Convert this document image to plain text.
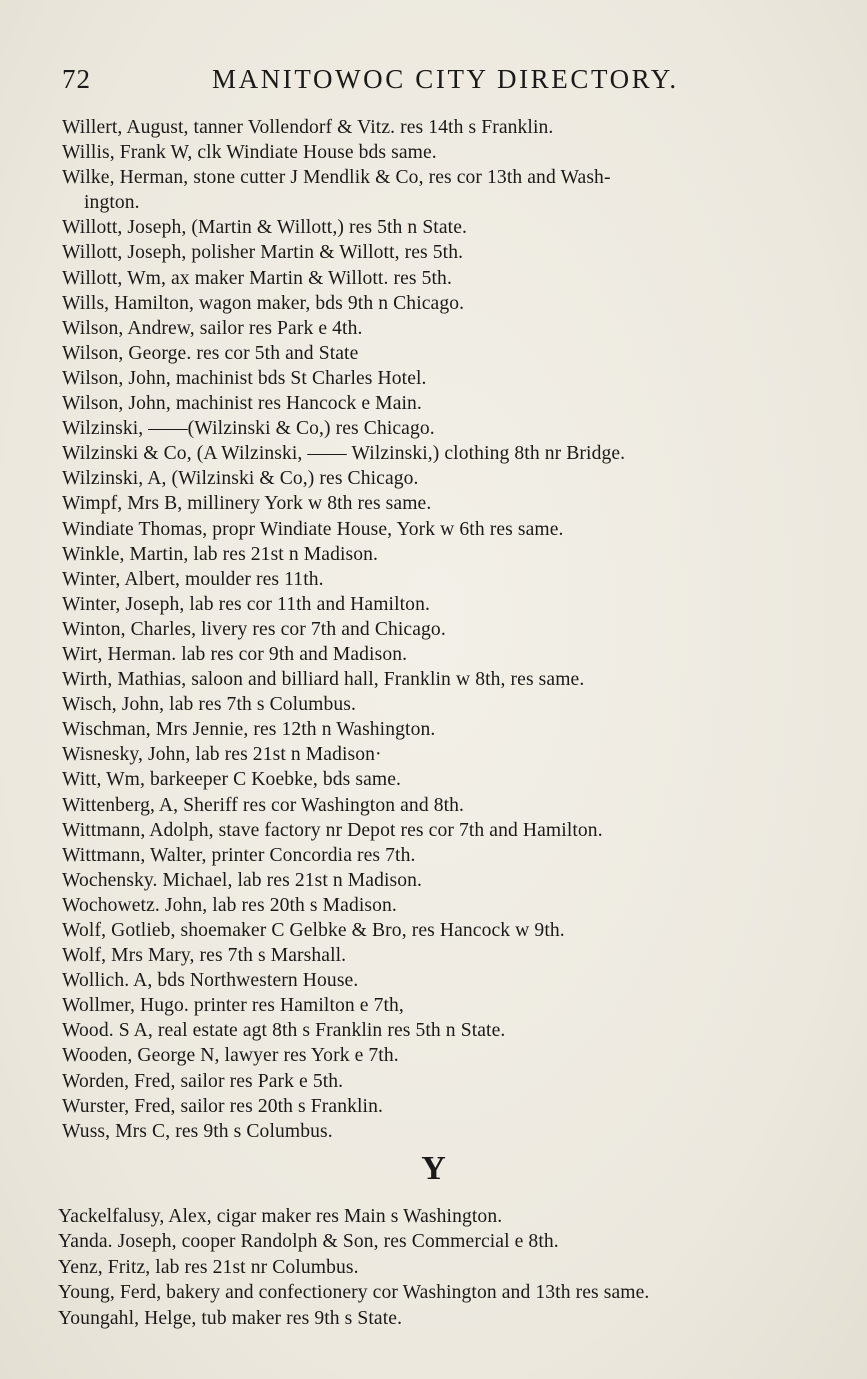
72	MANITOWOC CITY DIRECTORY.
Willert, August, tanner Vollendorf & Vitz. res 14th s Franklin.
Willis, Frank W, clk Windiate House bds same.
Wilke, Herman, stone cutter J Mendlik & Co, res cor 13th and Wash-
ington.
Willott, Joseph, (Martin & Willott,) res 5th n State.
Willott, Joseph, polisher Martin & Willott, res 5th.
Willott, Wm, ax maker Martin & Willott. res 5th.
Wills, Hamilton, wagon maker, bds 9th n Chicago.
Wilson, Andrew, sailor res Park e 4th.
Wilson, George. res cor 5th and State
Wilson, John, machinist bds St Charles Hotel.
Wilson, John, machinist res Hancock e Main.
Wilzinski, ——(Wilzinski & Co,) res Chicago.
Wilzinski & Co, (A Wilzinski, —— Wilzinski,) clothing 8th nr Bridge.
Wilzinski, A, (Wilzinski & Co,) res Chicago.
Wimpf, Mrs B, millinery York w 8th res same.
Windiate Thomas, propr Windiate House, York w 6th res same.
Winkle, Martin, lab res 21st n Madison.
Winter, Albert, moulder res 11th.
Winter, Joseph, lab res cor 11th and Hamilton.
Winton, Charles, livery res cor 7th and Chicago.
Wirt, Herman. lab res cor 9th and Madison.
Wirth, Mathias, saloon and billiard hall, Franklin w 8th, res same.
Wisch, John, lab res 7th s Columbus.
Wischman, Mrs Jennie, res 12th n Washington.
Wisnesky, John, lab res 21st n Madison·
Witt, Wm, barkeeper C Koebke, bds same.
Wittenberg, A, Sheriff res cor Washington and 8th.
Wittmann, Adolph, stave factory nr Depot res cor 7th and Hamilton.
Wittmann, Walter, printer Concordia res 7th.
Wochensky. Michael, lab res 21st n Madison.
Wochowetz. John, lab res 20th s Madison.
Wolf, Gotlieb, shoemaker C Gelbke & Bro, res Hancock w 9th.
Wolf, Mrs Mary, res 7th s Marshall.
Wollich. A, bds Northwestern House.
Wollmer, Hugo. printer res Hamilton e 7th,
Wood. S A, real estate agt 8th s Franklin res 5th n State.
Wooden, George N, lawyer res York e 7th.
Worden, Fred, sailor res Park e 5th.
Wurster, Fred, sailor res 20th s Franklin.
Wuss, Mrs C, res 9th s Columbus.
Y
Yackelfalusy, Alex, cigar maker res Main s Washington.
Yanda. Joseph, cooper Randolph & Son, res Commercial e 8th.
Yenz, Fritz, lab res 21st nr Columbus.
Young, Ferd, bakery and confectionery cor Washington and 13th res same.
Youngahl, Helge, tub maker res 9th s State.
